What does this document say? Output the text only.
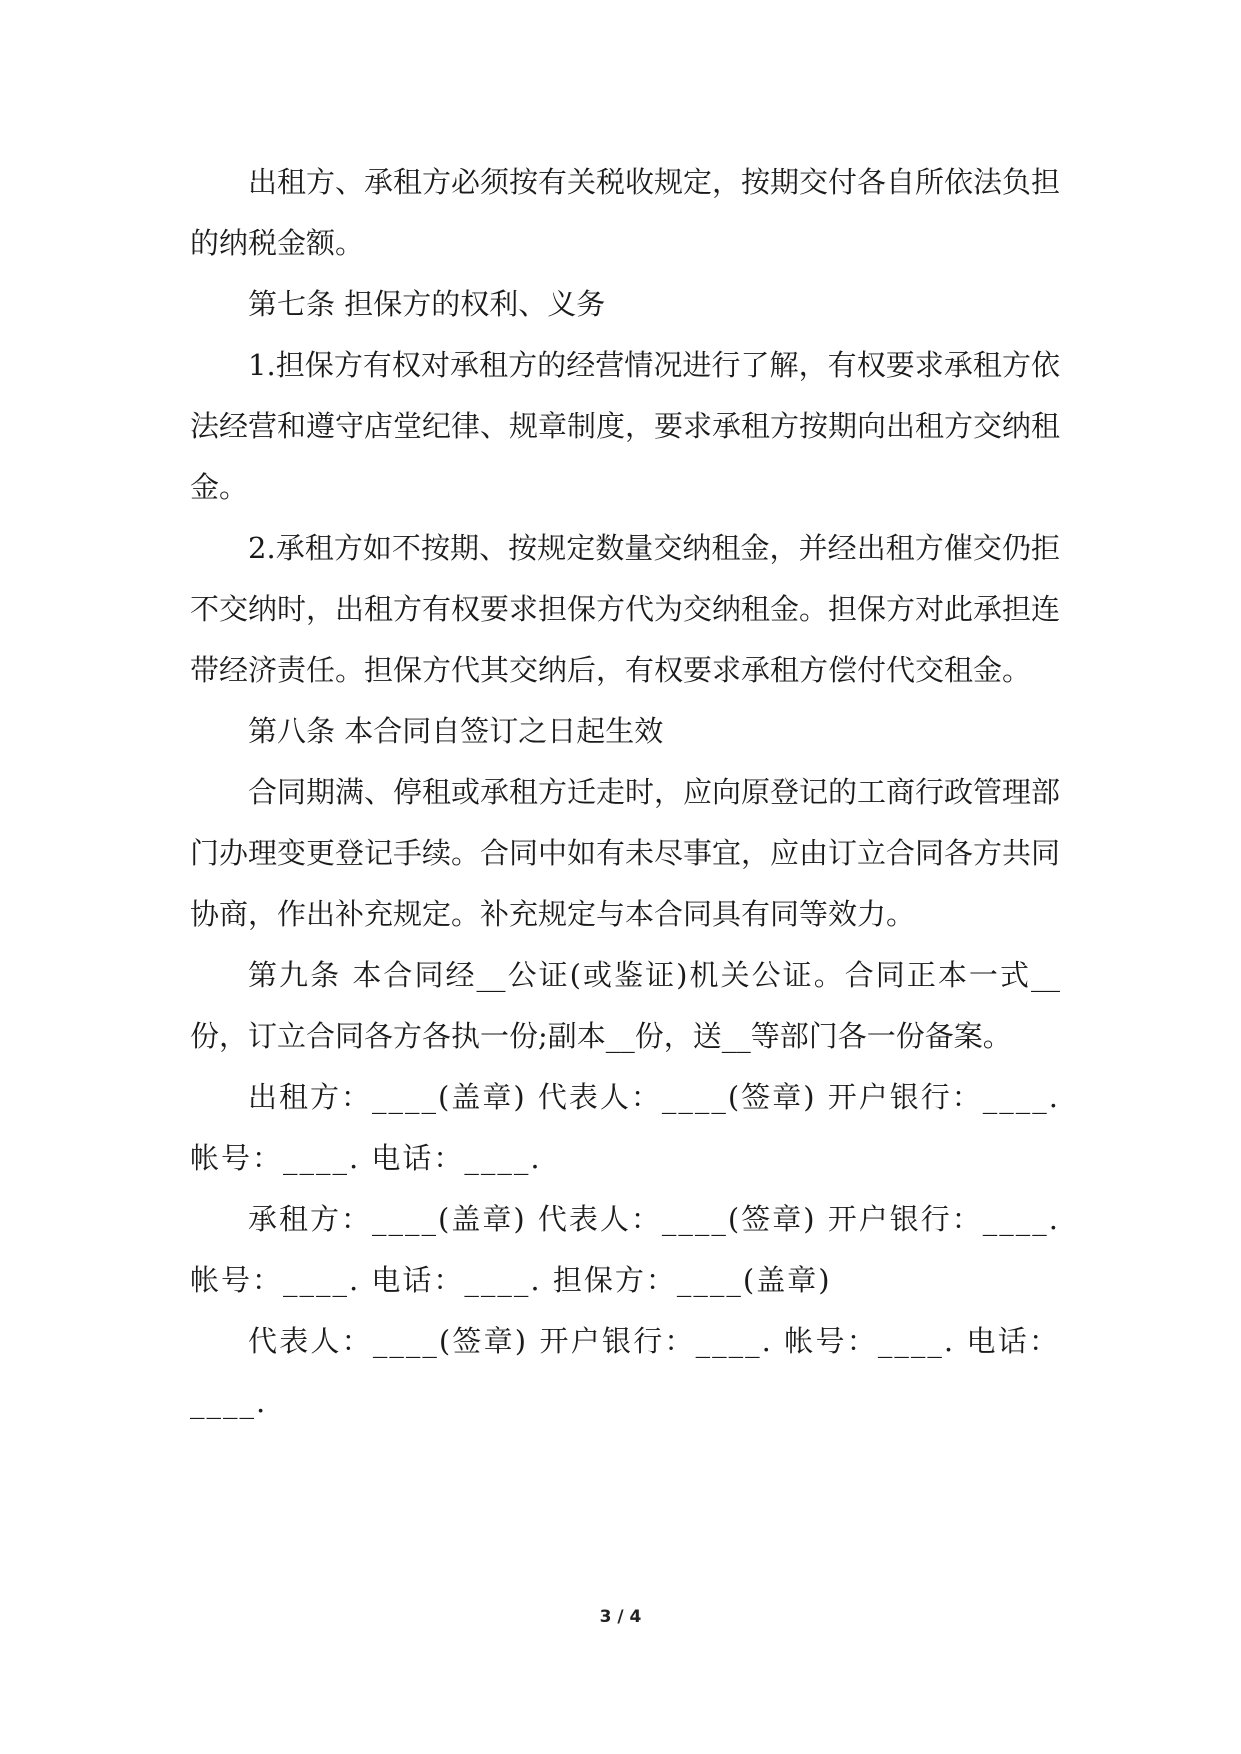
出租方、承租方必须按有关税收规定，按期交付各自所依法负担的纳税金额。

第七条 担保方的权利、义务

1.担保方有权对承租方的经营情况进行了解，有权要求承租方依法经营和遵守店堂纪律、规章制度，要求承租方按期向出租方交纳租金。

2.承租方如不按期、按规定数量交纳租金，并经出租方催交仍拒不交纳时，出租方有权要求担保方代为交纳租金。担保方对此承担连带经济责任。担保方代其交纳后，有权要求承租方偿付代交租金。

第八条 本合同自签订之日起生效

合同期满、停租或承租方迁走时，应向原登记的工商行政管理部门办理变更登记手续。合同中如有未尽事宜，应由订立合同各方共同协商，作出补充规定。补充规定与本合同具有同等效力。

第九条 本合同经__公证(或鉴证)机关公证。合同正本一式__份，订立合同各方各执一份;副本__份，送__等部门各一份备案。

出租方：____(盖章) 代表人：____(签章) 开户银行：____. 帐号：____. 电话：____.

承租方：____(盖章) 代表人：____(签章) 开户银行：____. 帐号：____. 电话：____. 担保方：____(盖章)

代表人：____(签章) 开户银行：____. 帐号：____. 电话：____.

3 / 4
